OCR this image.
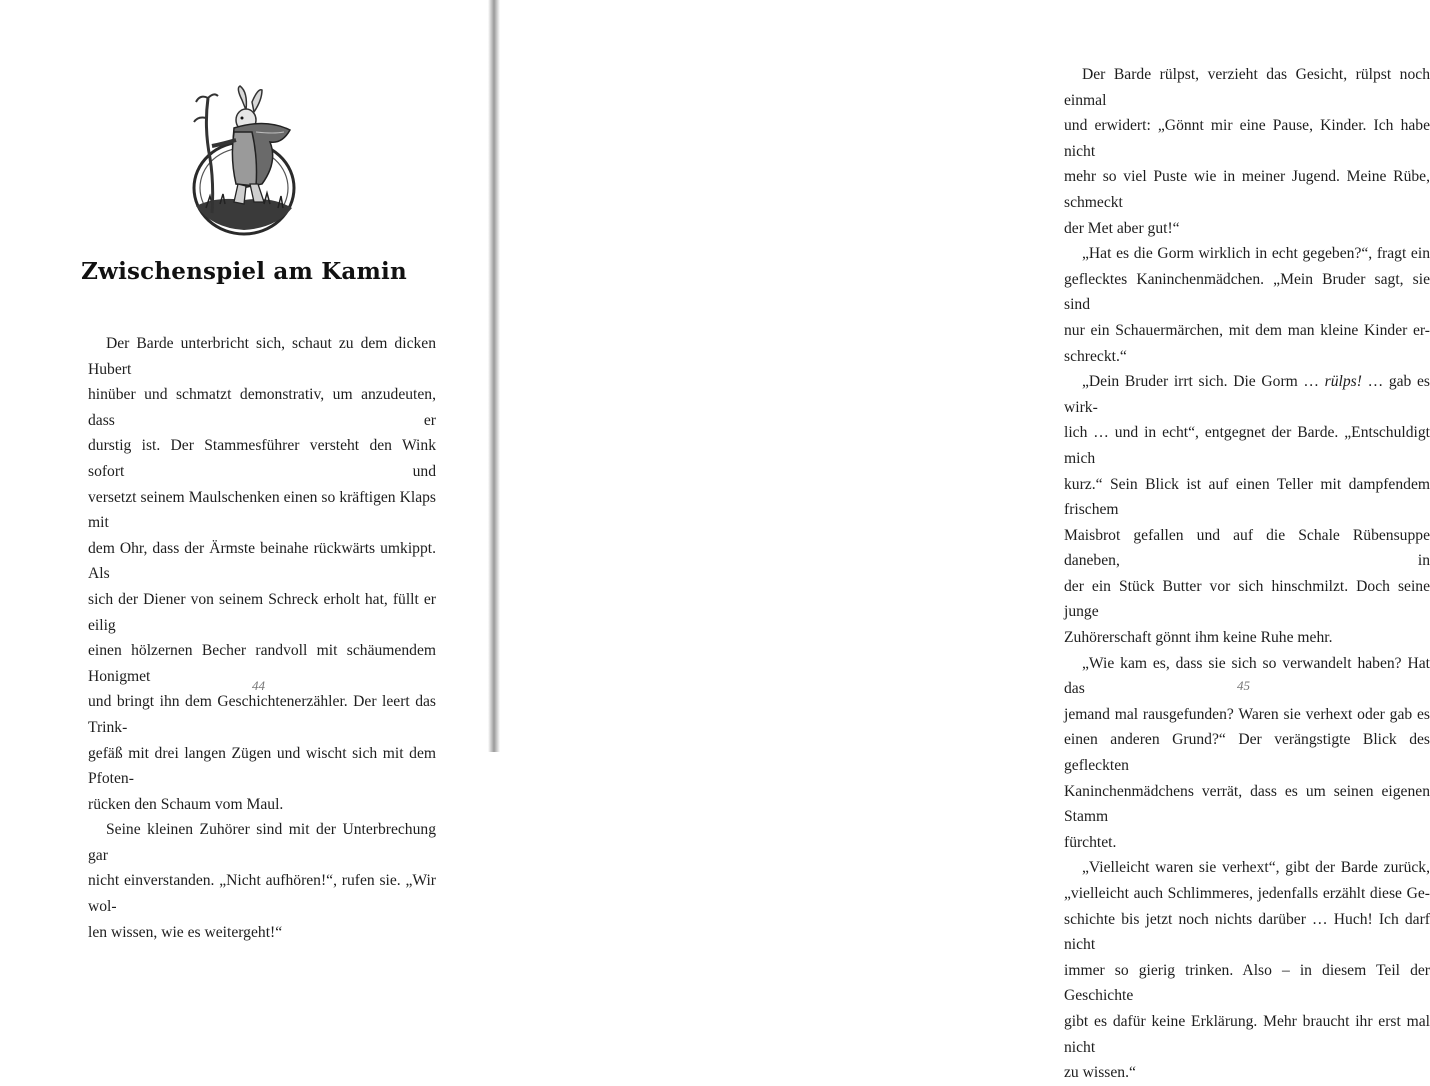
Zwischenspiel am Kamin
Der Barde unterbricht sich, schaut zu dem dicken Hubert
hinüber und schmatzt demonstrativ, um anzudeuten, dass er
durstig ist. Der Stammesführer versteht den Wink sofort und
versetzt seinem Maulschenken einen so kräftigen Klaps mit
dem Ohr, dass der Ärmste beinahe rückwärts umkippt. Als
sich der Diener von seinem Schreck erholt hat, füllt er eilig
einen hölzernen Becher randvoll mit schäumendem Honigmet
und bringt ihn dem Geschichtenerzähler. Der leert das Trink-
gefäß mit drei langen Zügen und wischt sich mit dem Pfoten-
rücken den Schaum vom Maul.
Seine kleinen Zuhörer sind mit der Unterbrechung gar
nicht einverstanden. „Nicht aufhören!“, rufen sie. „Wir wol-
len wissen, wie es weitergeht!“
44
Der Barde rülpst, verzieht das Gesicht, rülpst noch einmal
und erwidert: „Gönnt mir eine Pause, Kinder. Ich habe nicht
mehr so viel Puste wie in meiner Jugend. Meine Rübe, schmeckt
der Met aber gut!“
„Hat es die Gorm wirklich in echt gegeben?“, fragt ein
geflecktes Kaninchenmädchen. „Mein Bruder sagt, sie sind
nur ein Schauermärchen, mit dem man kleine Kinder er-
schreckt.“
„Dein Bruder irrt sich. Die Gorm … rülps! … gab es wirk-
lich … und in echt“, entgegnet der Barde. „Entschuldigt mich
kurz.“ Sein Blick ist auf einen Teller mit dampfendem frischem
Maisbrot gefallen und auf die Schale Rübensuppe daneben, in
der ein Stück Butter vor sich hinschmilzt. Doch seine junge
Zuhörerschaft gönnt ihm keine Ruhe mehr.
„Wie kam es, dass sie sich so verwandelt haben? Hat das
jemand mal rausgefunden? Waren sie verhext oder gab es
einen anderen Grund?“ Der verängstigte Blick des gefleckten
Kaninchenmädchens verrät, dass es um seinen eigenen Stamm
fürchtet.
„Vielleicht waren sie verhext“, gibt der Barde zurück,
„vielleicht auch Schlimmeres, jedenfalls erzählt diese Ge-
schichte bis jetzt noch nichts darüber … Huch! Ich darf nicht
immer so gierig trinken. Also – in diesem Teil der Geschichte
gibt es dafür keine Erklärung. Mehr braucht ihr erst mal nicht
zu wissen.“
45
